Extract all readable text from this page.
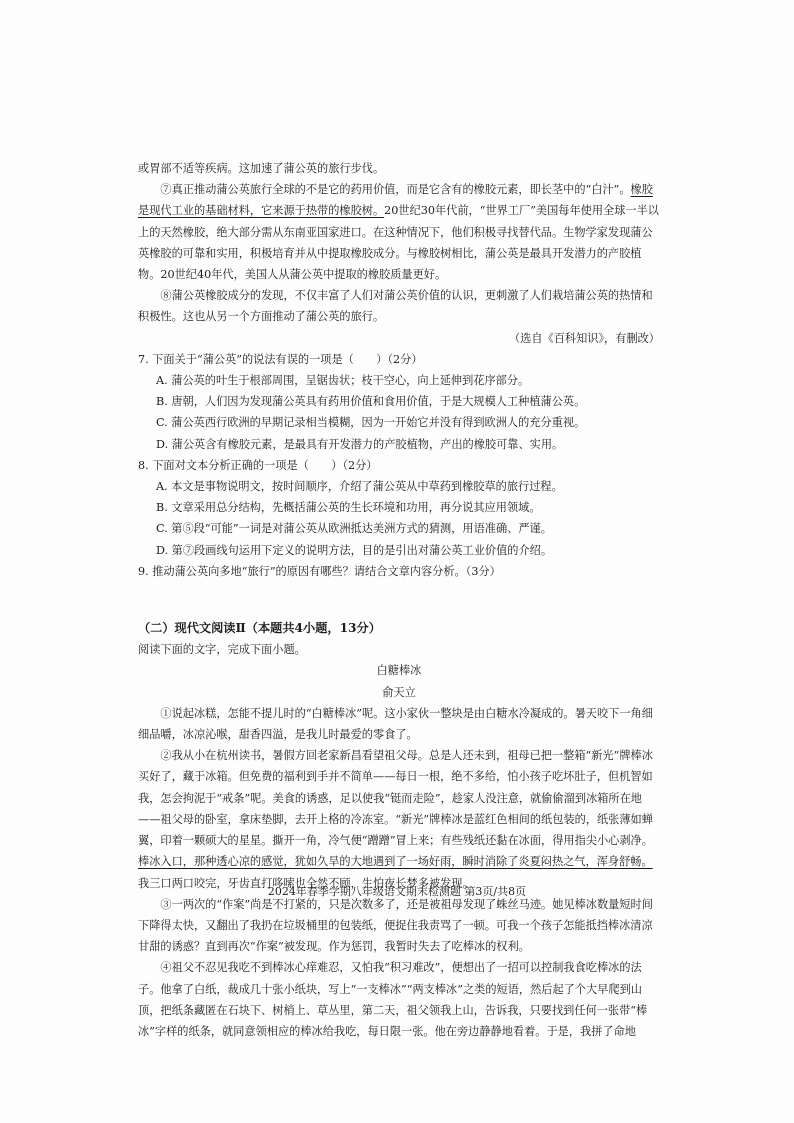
或胃部不适等疾病。这加速了蒲公英的旅行步伐。

⑦真正推动蒲公英旅行全球的不是它的药用价值，而是它含有的橡胶元素，即长茎中的“白汁”。橡胶是现代工业的基础材料，它来源于热带的橡胶树。20世纪30年代前，“世界工厂”美国每年使用全球一半以上的天然橡胶，绝大部分需从东南亚国家进口。在这种情况下，他们积极寻找替代品。生物学家发现蒲公英橡胶的可靠和实用，积极培育并从中提取橡胶成分。与橡胶树相比，蒲公英是最具开发潜力的产胶植物。20世纪40年代，美国人从蒲公英中提取的橡胶质量更好。

⑧蒲公英橡胶成分的发现，不仅丰富了人们对蒲公英价值的认识，更刺激了人们栽培蒲公英的热情和积极性。这也从另一个方面推动了蒲公英的旅行。

（选自《百科知识》，有删改）

7. 下面关于“蒲公英”的说法有误的一项是（　　）（2分）

A. 蒲公英的叶生于根部周围，呈锯齿状；枝干空心，向上延伸到花序部分。

B. 唐朝，人们因为发现蒲公英具有药用价值和食用价值，于是大规模人工种植蒲公英。

C. 蒲公英西行欧洲的早期记录相当模糊，因为一开始它并没有得到欧洲人的充分重视。

D. 蒲公英含有橡胶元素，是最具有开发潜力的产胶植物，产出的橡胶可靠、实用。

8. 下面对文本分析正确的一项是（　　）（2分）

A. 本文是事物说明文，按时间顺序，介绍了蒲公英从中草药到橡胶草的旅行过程。

B. 文章采用总分结构，先概括蒲公英的生长环境和功用，再分说其应用领域。

C. 第⑤段“可能”一词是对蒲公英从欧洲抵达美洲方式的猜测，用语准确、严谨。

D. 第⑦段画线句运用下定义的说明方法，目的是引出对蒲公英工业价值的介绍。

9. 推动蒲公英向多地“旅行”的原因有哪些？请结合文章内容分析。（3分）

（二）现代文阅读Ⅱ（本题共4小题，13分）

阅读下面的文字，完成下面小题。

白糖棒冰

俞天立

①说起冰糕，怎能不提儿时的“白糖棒冰”呢。这小家伙一整块是由白糖水冷凝成的。暑天咬下一角细细品嚼，冰凉沁喉，甜香四溢，是我儿时最爱的零食了。

②我从小在杭州读书，暑假方回老家新昌看望祖父母。总是人还未到，祖母已把一整箱“新光”牌棒冰买好了，藏于冰箱。但免费的福利到手并不简单——每日一根，绝不多给，怕小孩子吃坏肚子，但机智如我，怎会拘泥于“戒条”呢。美食的诱惑，足以使我“铤而走险”，趁家人没注意，就偷偷溜到冰箱所在地——祖父母的卧室，拿床垫脚，去开上格的冷冻室。“新光”牌棒冰是蓝红色相间的纸包装的，纸张薄如蝉翼，印着一颗硕大的星星。撕开一角，冷气便“蹭蹭”冒上来；有些残纸还黏在冰面，得用指尖小心剥净。棒冰入口，那种透心凉的感觉，犹如久旱的大地遇到了一场好雨，瞬时消除了炎夏闷热之气，浑身舒畅。我三口两口咬完，牙齿直打哆嗦也全然不顾，生怕夜长梦多被发现。

③一两次的“作案”尚是不打紧的，只是次数多了，还是被祖母发现了蛛丝马迹。她见棒冰数量短时间下降得太快，又翻出了我扔在垃圾桶里的包装纸，便捉住我责骂了一顿。可我一个孩子怎能抵挡棒冰清凉甘甜的诱惑？直到再次“作案”被发现。作为惩罚，我暂时失去了吃棒冰的权利。

④祖父不忍见我吃不到棒冰心痒难忍，又怕我“积习难改”，便想出了一招可以控制我食吃棒冰的法子。他拿了白纸，裁成几十张小纸块，写上“一支棒冰”“两支棒冰”之类的短语，然后起了个大早爬到山顶，把纸条藏匿在石块下、树梢上、草丛里，第二天，祖父领我上山，告诉我，只要找到任何一张带“棒冰”字样的纸条，就同意领相应的棒冰给我吃，每日限一张。他在旁边静静地看着。于是，我拼了命地

2024年春季学期八年级语文期末检测题 第3页/共8页
